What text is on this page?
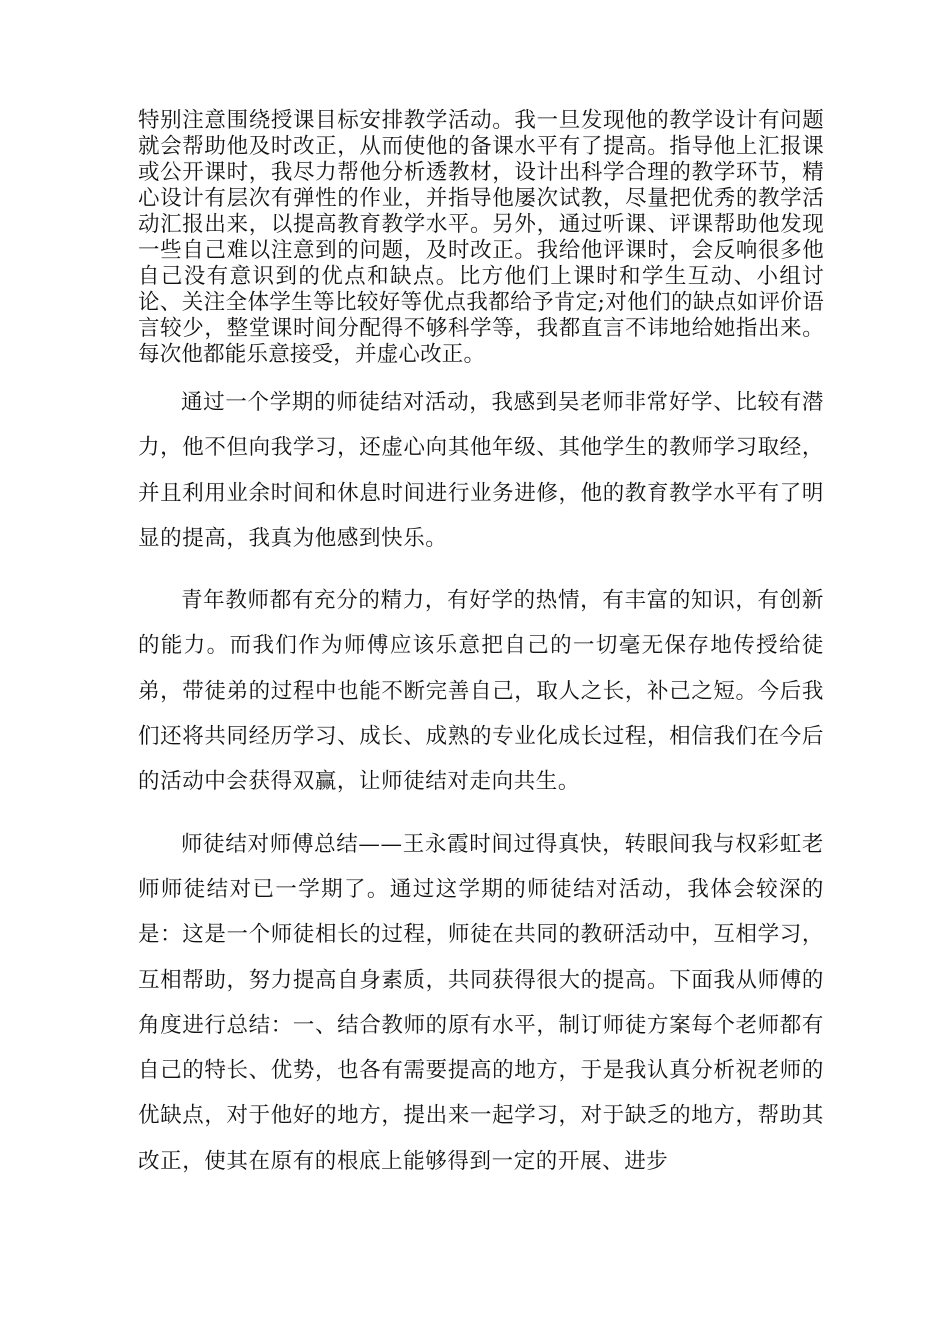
特别注意围绕授课目标安排教学活动。我一旦发现他的教学设计有问题就会帮助他及时改正，从而使他的备课水平有了提高。指导他上汇报课或公开课时，我尽力帮他分析透教材，设计出科学合理的教学环节，精心设计有层次有弹性的作业，并指导他屡次试教，尽量把优秀的教学活动汇报出来，以提高教育教学水平。另外，通过听课、评课帮助他发现一些自己难以注意到的问题，及时改正。我给他评课时，会反响很多他自己没有意识到的优点和缺点。比方他们上课时和学生互动、小组讨论、关注全体学生等比较好等优点我都给予肯定;对他们的缺点如评价语言较少，整堂课时间分配得不够科学等，我都直言不讳地给她指出来。每次他都能乐意接受，并虚心改正。

通过一个学期的师徒结对活动，我感到吴老师非常好学、比较有潜力，他不但向我学习，还虚心向其他年级、其他学生的教师学习取经，并且利用业余时间和休息时间进行业务进修，他的教育教学水平有了明显的提高，我真为他感到快乐。

青年教师都有充分的精力，有好学的热情，有丰富的知识，有创新的能力。而我们作为师傅应该乐意把自己的一切毫无保存地传授给徒弟，带徒弟的过程中也能不断完善自己，取人之长，补己之短。今后我们还将共同经历学习、成长、成熟的专业化成长过程，相信我们在今后的活动中会获得双赢，让师徒结对走向共生。

师徒结对师傅总结——王永霞时间过得真快，转眼间我与权彩虹老师师徒结对已一学期了。通过这学期的师徒结对活动，我体会较深的是：这是一个师徒相长的过程，师徒在共同的教研活动中，互相学习，互相帮助，努力提高自身素质，共同获得很大的提高。下面我从师傅的角度进行总结：一、结合教师的原有水平，制订师徒方案每个老师都有自己的特长、优势，也各有需要提高的地方，于是我认真分析祝老师的优缺点，对于他好的地方，提出来一起学习，对于缺乏的地方，帮助其改正，使其在原有的根底上能够得到一定的开展、进步
